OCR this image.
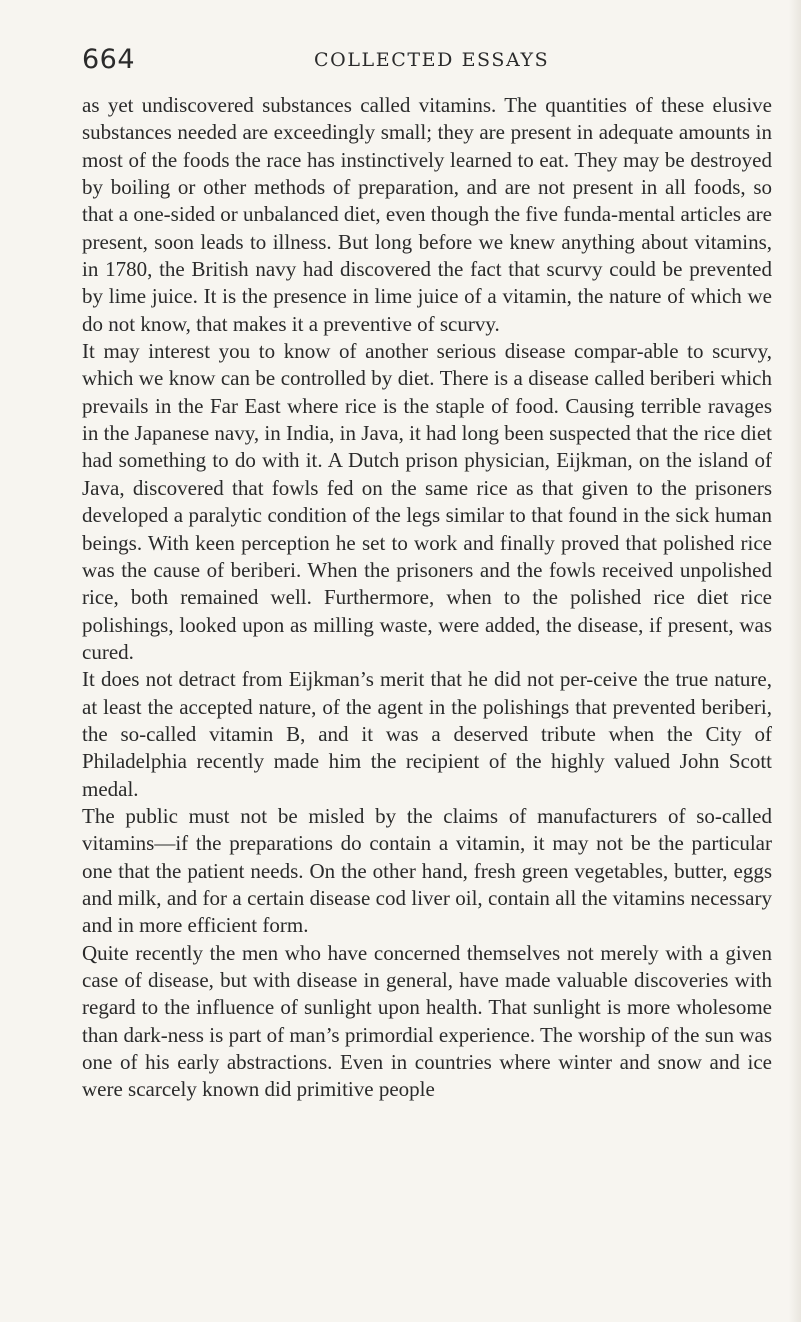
664	COLLECTED ESSAYS

as yet undiscovered substances called vitamins. The quantities of these elusive substances needed are exceedingly small; they are present in adequate amounts in most of the foods the race has instinctively learned to eat. They may be destroyed by boiling or other methods of preparation, and are not present in all foods, so that a one-sided or unbalanced diet, even though the five funda-mental articles are present, soon leads to illness. But long before we knew anything about vitamins, in 1780, the British navy had discovered the fact that scurvy could be prevented by lime juice. It is the presence in lime juice of a vitamin, the nature of which we do not know, that makes it a preventive of scurvy.

It may interest you to know of another serious disease compar-able to scurvy, which we know can be controlled by diet. There is a disease called beriberi which prevails in the Far East where rice is the staple of food. Causing terrible ravages in the Japanese navy, in India, in Java, it had long been suspected that the rice diet had something to do with it. A Dutch prison physician, Eijkman, on the island of Java, discovered that fowls fed on the same rice as that given to the prisoners developed a paralytic condition of the legs similar to that found in the sick human beings. With keen perception he set to work and finally proved that polished rice was the cause of beriberi. When the prisoners and the fowls received unpolished rice, both remained well. Furthermore, when to the polished rice diet rice polishings, looked upon as milling waste, were added, the disease, if present, was cured.

It does not detract from Eijkman’s merit that he did not per-ceive the true nature, at least the accepted nature, of the agent in the polishings that prevented beriberi, the so-called vitamin B, and it was a deserved tribute when the City of Philadelphia recently made him the recipient of the highly valued John Scott medal.

The public must not be misled by the claims of manufacturers of so-called vitamins—if the preparations do contain a vitamin, it may not be the particular one that the patient needs. On the other hand, fresh green vegetables, butter, eggs and milk, and for a certain disease cod liver oil, contain all the vitamins necessary and in more efficient form.

Quite recently the men who have concerned themselves not merely with a given case of disease, but with disease in general, have made valuable discoveries with regard to the influence of sunlight upon health. That sunlight is more wholesome than dark-ness is part of man’s primordial experience. The worship of the sun was one of his early abstractions. Even in countries where winter and snow and ice were scarcely known did primitive people
